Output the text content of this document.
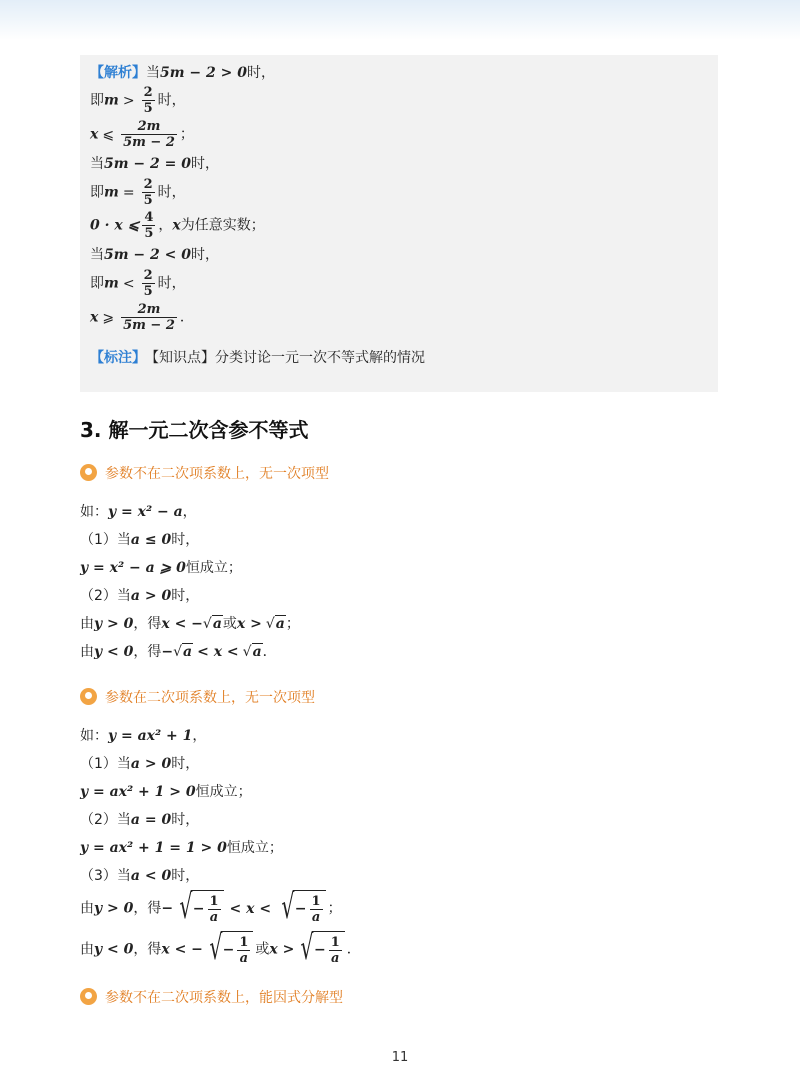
【解析】当5m − 2 > 0时，
即$m > \frac{2}{5}$ 时，
x ⩽ $\frac{2m}{5m - 2}$ ；
当5m − 2 = 0时，
即$m = \frac{2}{5}$ 时，
0 · x ⩽ $\frac{4}{5}$ ，x为任意实数；
当5m − 2 < 0时，
即$m < \frac{2}{5}$ 时，
x ⩾ $\frac{2m}{5m - 2}$ ．
【标注】 【知识点】分类讨论一元一次不等式解的情况
3. 解一元二次含参不等式
参数不在二次项系数上，无一次项型
如：y = x² − a，
（1）当a ≤ 0时，
y = x² − a ⩾ 0恒成立；
（2）当a > 0时，
由y > 0，得x < −√a或x > √a；
由y < 0，得−√a < x < √a．
参数在二次项系数上，无一次项型
如：y = ax² + 1，
（1）当a > 0时，
y = ax² + 1 > 0恒成立；
（2）当a = 0时，
y = ax² + 1 = 1 > 0恒成立；
（3）当a < 0时，
由y > 0，得− √ − $\frac{1}{a} < x$ < √ − $\frac{1}{a}$ ；
由y < 0，得x < − √ − $\frac{1}{a}$ 或x > √ − $\frac{1}{a}$ ．
参数不在二次项系数上，能因式分解型
11
